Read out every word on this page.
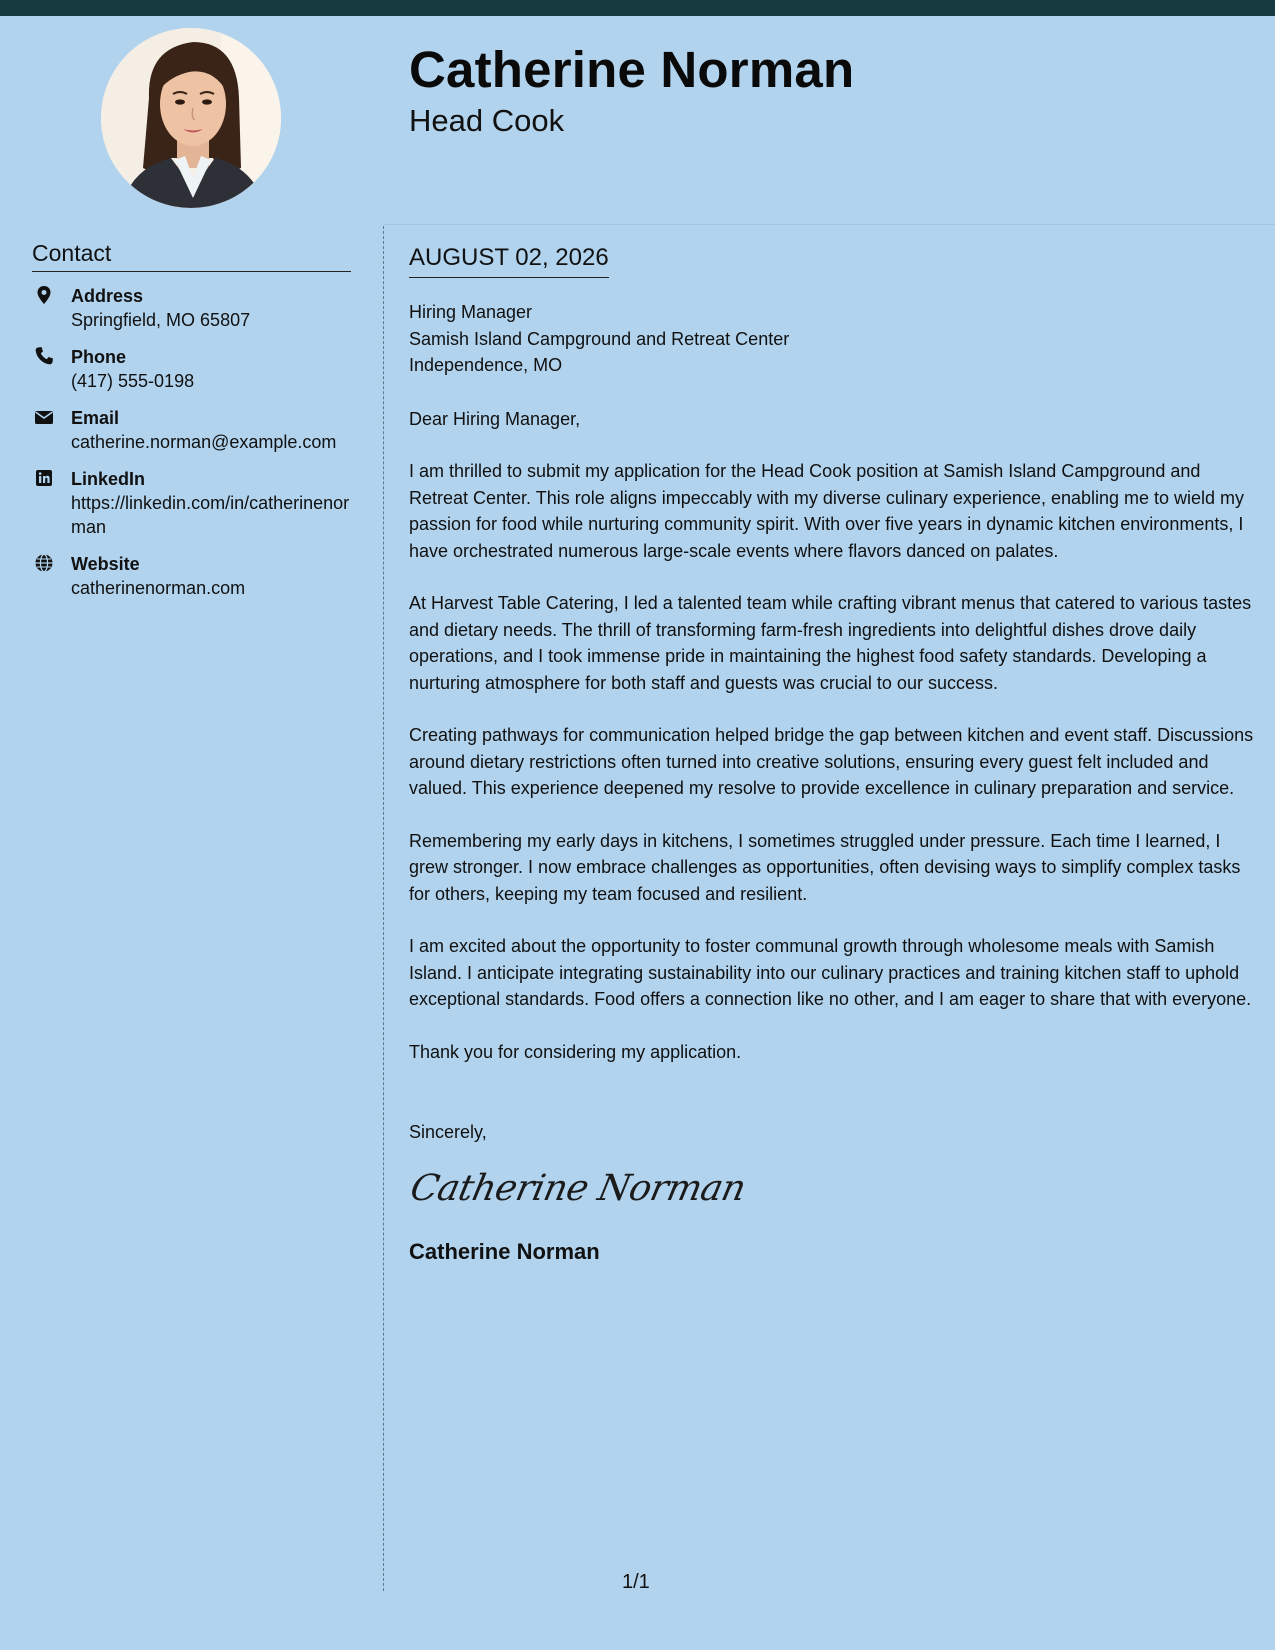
Catherine Norman
Head Cook
Contact
Address
Springfield, MO 65807
Phone
(417) 555-0198
Email
catherine.norman@example.com
LinkedIn
https://linkedin.com/in/catherinenorman
Website
catherinenorman.com
AUGUST 02, 2026
Hiring Manager
Samish Island Campground and Retreat Center
Independence, MO

Dear Hiring Manager,

I am thrilled to submit my application for the Head Cook position at Samish Island Campground and Retreat Center. This role aligns impeccably with my diverse culinary experience, enabling me to wield my passion for food while nurturing community spirit. With over five years in dynamic kitchen environments, I have orchestrated numerous large-scale events where flavors danced on palates.

At Harvest Table Catering, I led a talented team while crafting vibrant menus that catered to various tastes and dietary needs. The thrill of transforming farm-fresh ingredients into delightful dishes drove daily operations, and I took immense pride in maintaining the highest food safety standards. Developing a nurturing atmosphere for both staff and guests was crucial to our success.

Creating pathways for communication helped bridge the gap between kitchen and event staff. Discussions around dietary restrictions often turned into creative solutions, ensuring every guest felt included and valued. This experience deepened my resolve to provide excellence in culinary preparation and service.

Remembering my early days in kitchens, I sometimes struggled under pressure. Each time I learned, I grew stronger. I now embrace challenges as opportunities, often devising ways to simplify complex tasks for others, keeping my team focused and resilient.

I am excited about the opportunity to foster communal growth through wholesome meals with Samish Island. I anticipate integrating sustainability into our culinary practices and training kitchen staff to uphold exceptional standards. Food offers a connection like no other, and I am eager to share that with everyone.

Thank you for considering my application.

Sincerely,

Catherine Norman
Catherine Norman
1/1
